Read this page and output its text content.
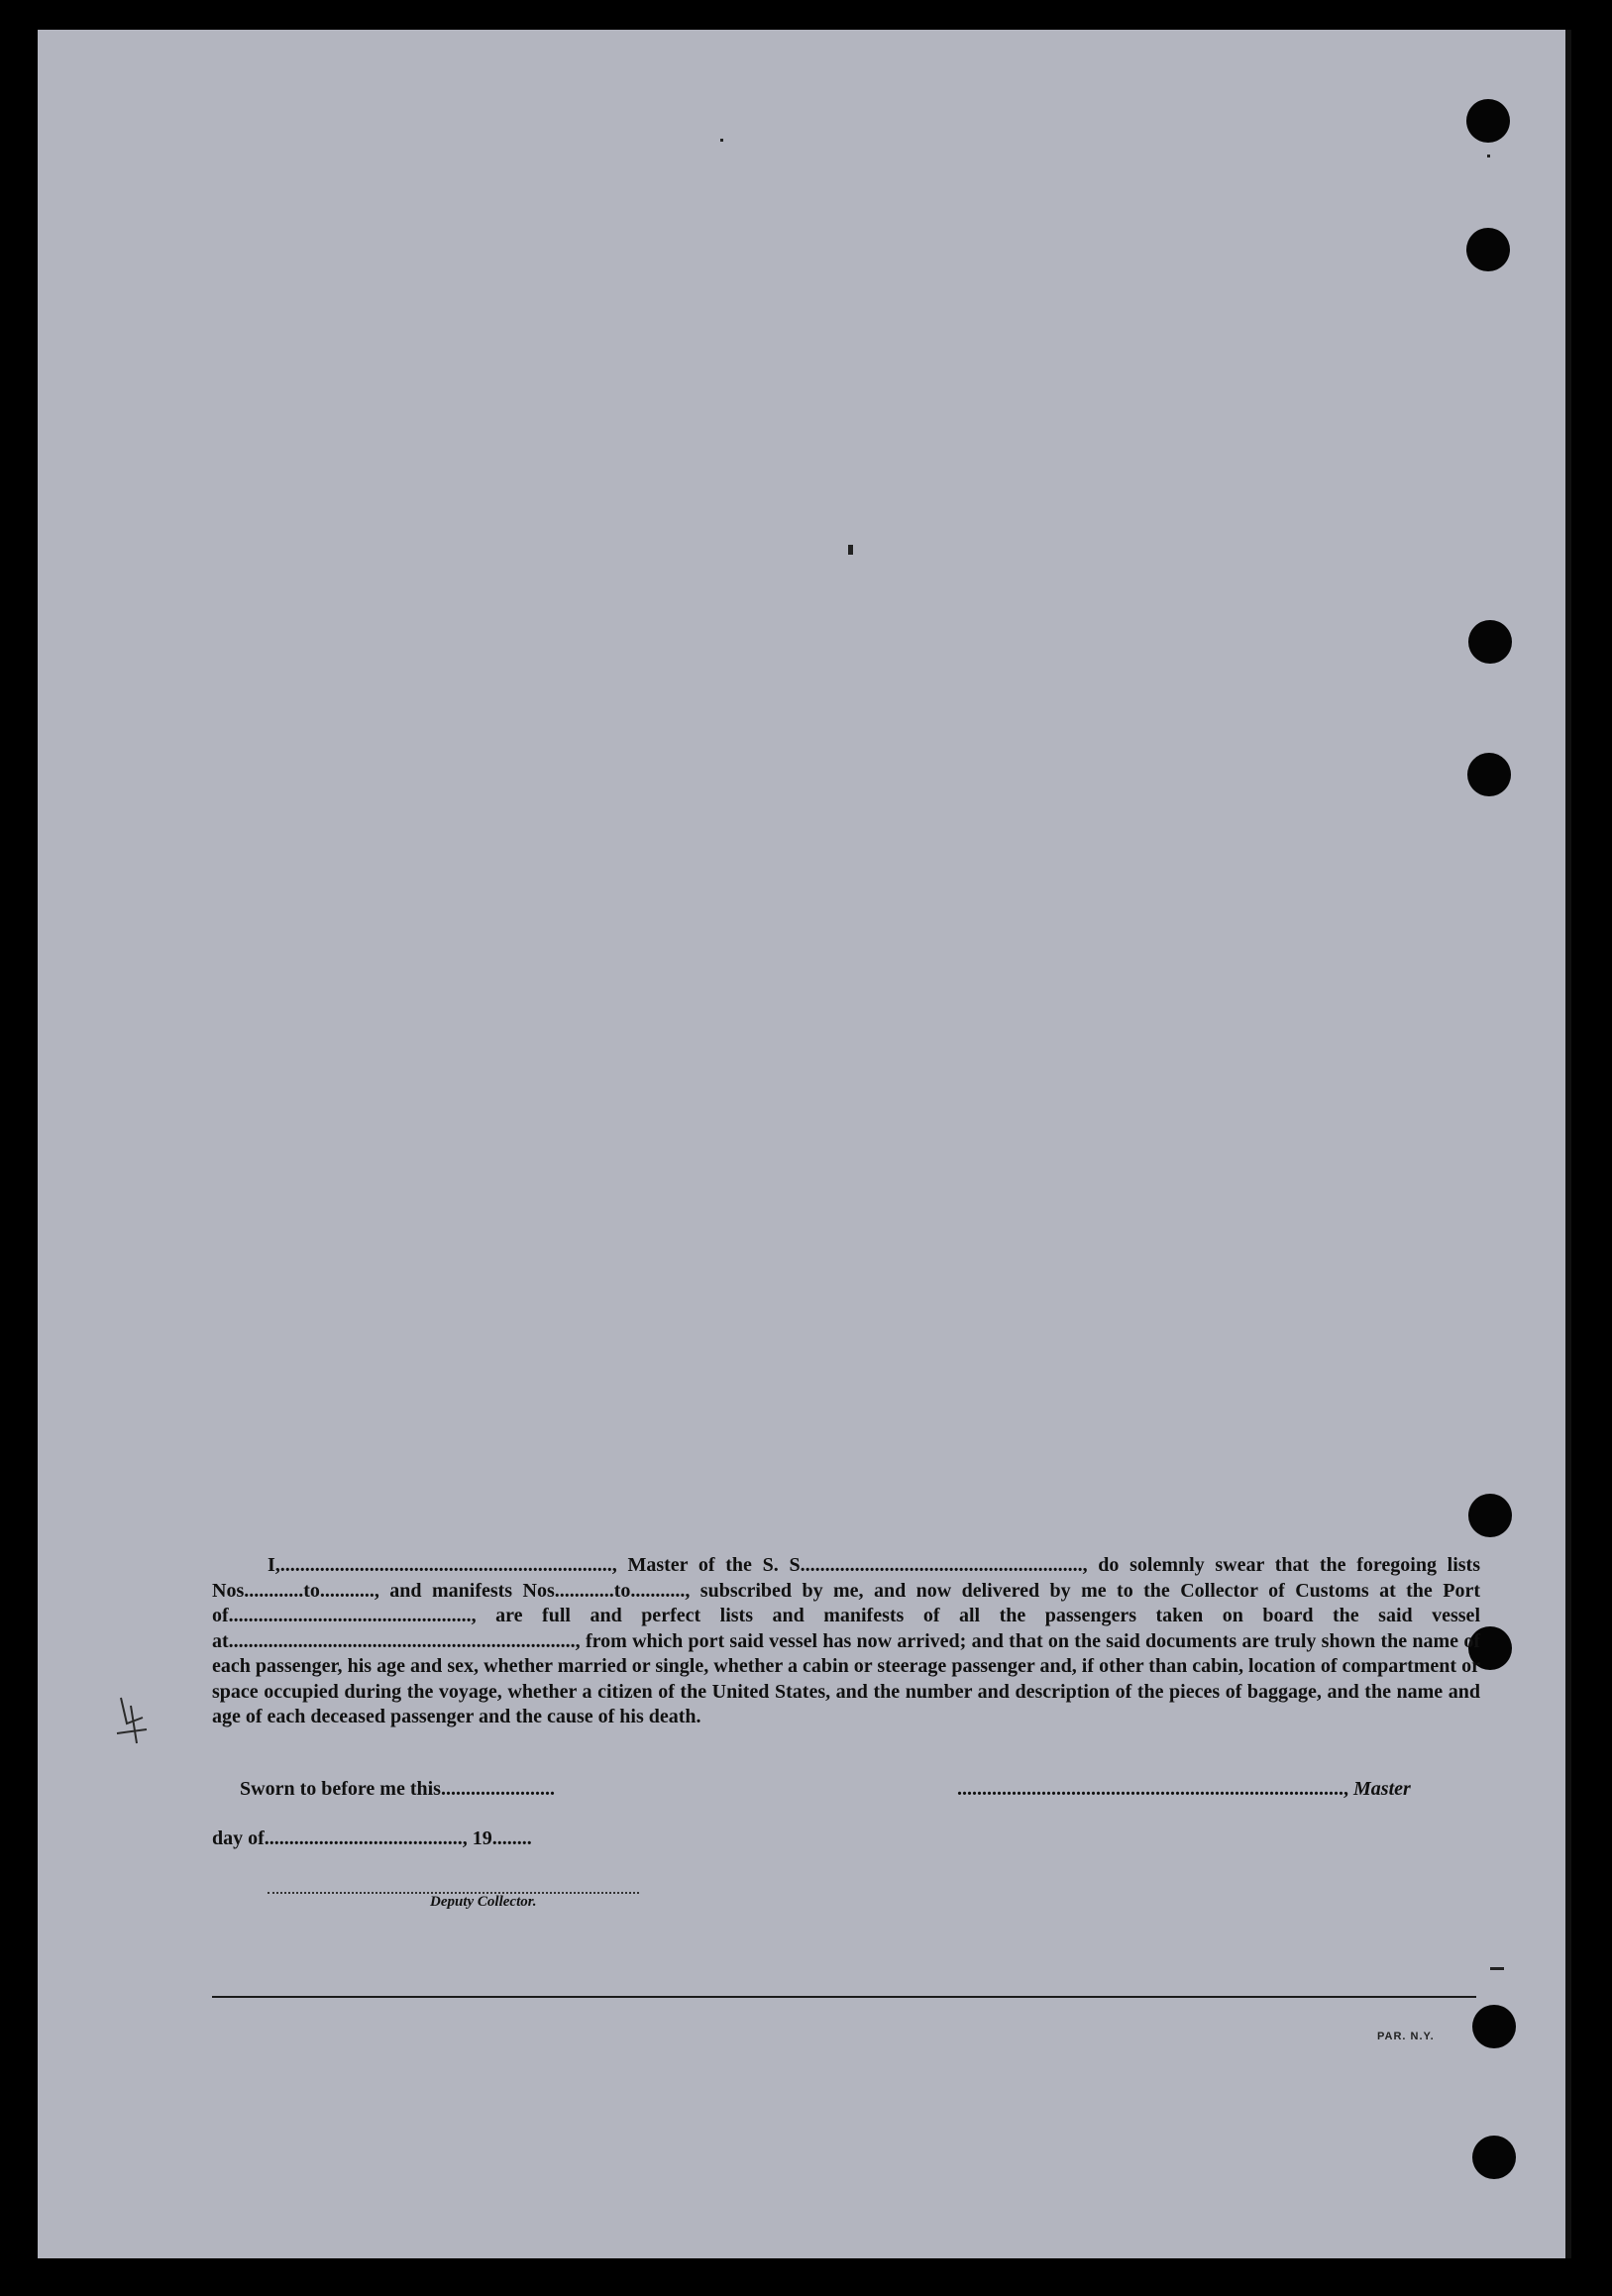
I,..................................................................., Master of the S. S........................................................., do solemnly swear that the foregoing lists Nos............to..........., and manifests Nos............to..........., subscribed by me, and now delivered by me to the Collector of Customs at the Port of................................................., are full and perfect lists and manifests of all the passengers taken on board the said vessel at......................................................................, from which port said vessel has now arrived; and that on the said documents are truly shown the name of each passenger, his age and sex, whether married or single, whether a cabin or steerage passenger and, if other than cabin, location of compartment or space occupied during the voyage, whether a citizen of the United States, and the number and description of the pieces of baggage, and the name and age of each deceased passenger and the cause of his death.

Sworn to before me this.......................	.............................................................................., Master
day of........................................, 19........
Deputy Collector.
PAR. N.Y.
